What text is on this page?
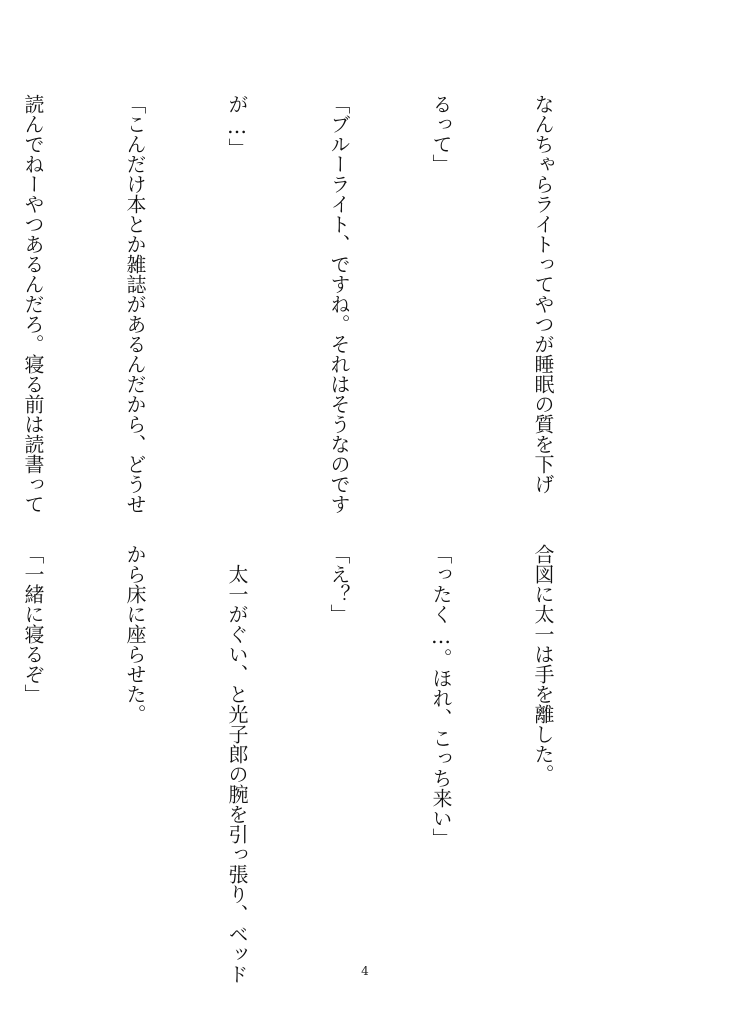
なんちゃらライトってやつが睡眠の質を下げ

るって」

「ブルーライト、ですね。それはそうなのです

が…」

「こんだけ本とか雑誌があるんだから、どうせ

読んでねーやつあるんだろ。寝る前は読書って

合図に太一は手を離した。

「ったく…。ほれ、こっち来い」

「え？」

　太一がぐい、と光子郎の腕を引っ張り、ベッド

から床に座らせた。

「一緒に寝るぞ」

4
